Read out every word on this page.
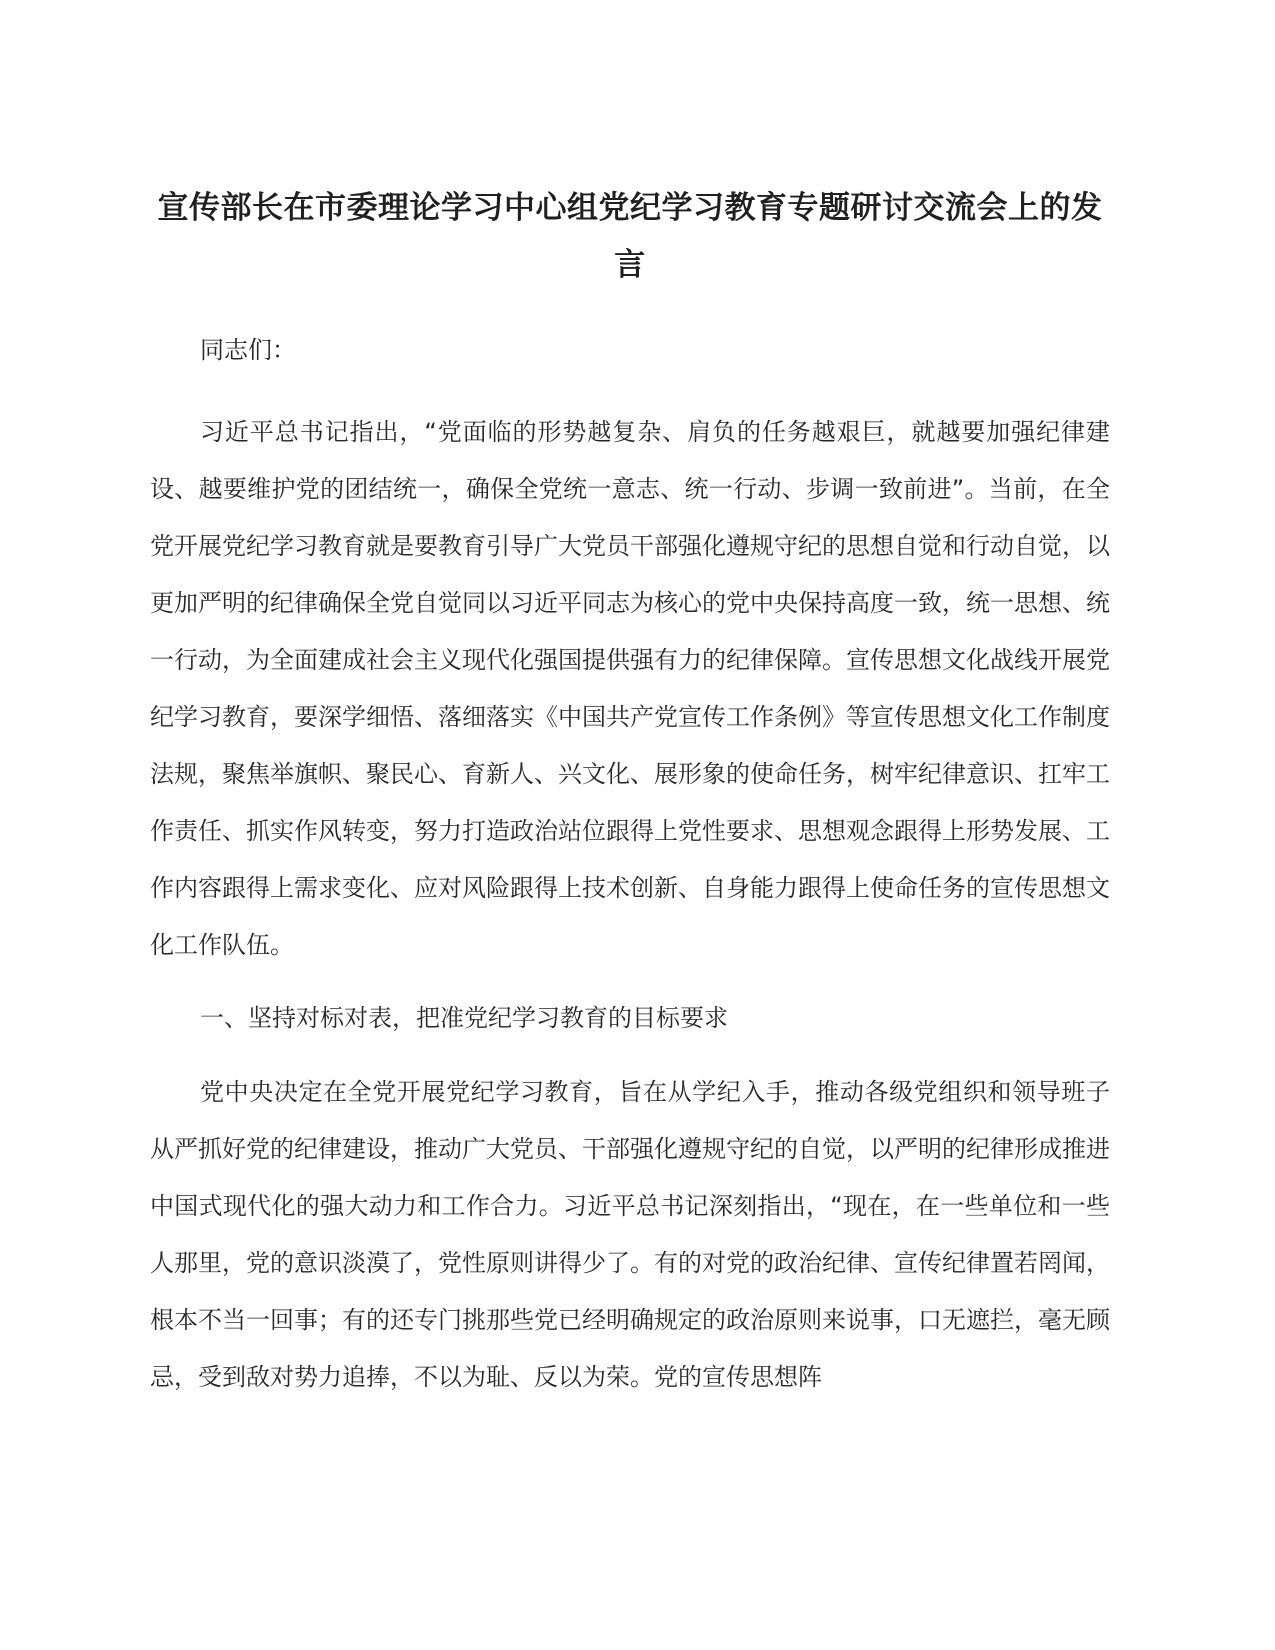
宣传部长在市委理论学习中心组党纪学习教育专题研讨交流会上的发言

同志们：

习近平总书记指出，“党面临的形势越复杂、肩负的任务越艰巨，就越要加强纪律建设、越要维护党的团结统一，确保全党统一意志、统一行动、步调一致前进”。当前，在全党开展党纪学习教育就是要教育引导广大党员干部强化遵规守纪的思想自觉和行动自觉，以更加严明的纪律确保全党自觉同以习近平同志为核心的党中央保持高度一致，统一思想、统一行动，为全面建成社会主义现代化强国提供强有力的纪律保障。宣传思想文化战线开展党纪学习教育，要深学细悟、落细落实《中国共产党宣传工作条例》等宣传思想文化工作制度法规，聚焦举旗帜、聚民心、育新人、兴文化、展形象的使命任务，树牢纪律意识、扛牢工作责任、抓实作风转变，努力打造政治站位跟得上党性要求、思想观念跟得上形势发展、工作内容跟得上需求变化、应对风险跟得上技术创新、自身能力跟得上使命任务的宣传思想文化工作队伍。

一、坚持对标对表，把准党纪学习教育的目标要求

党中央决定在全党开展党纪学习教育，旨在从学纪入手，推动各级党组织和领导班子从严抓好党的纪律建设，推动广大党员、干部强化遵规守纪的自觉，以严明的纪律形成推进中国式现代化的强大动力和工作合力。习近平总书记深刻指出，“现在，在一些单位和一些人那里，党的意识淡漠了，党性原则讲得少了。有的对党的政治纪律、宣传纪律置若罔闻，根本不当一回事；有的还专门挑那些党已经明确规定的政治原则来说事，口无遮拦，毫无顾忌，受到敌对势力追捧，不以为耻、反以为荣。党的宣传思想阵
